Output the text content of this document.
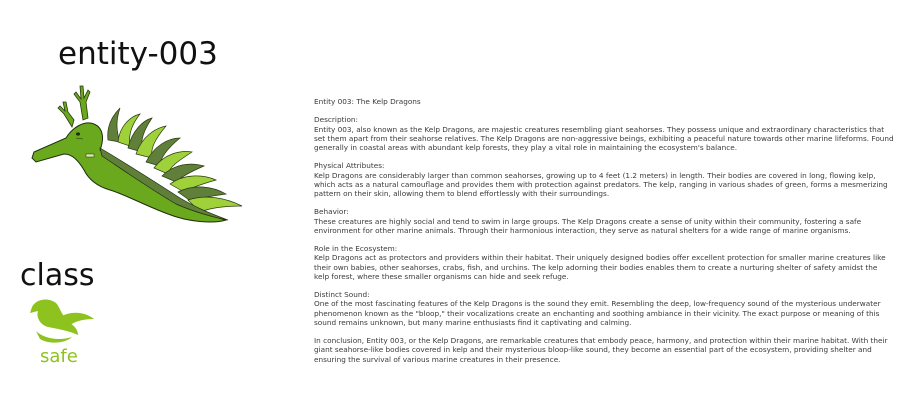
entity-003
class
safe

Entity 003: The Kelp Dragons

Description:
Entity 003, also known as the Kelp Dragons, are majestic creatures resembling giant seahorses. They possess unique and extraordinary characteristics that set them apart from their seahorse relatives. The Kelp Dragons are non-aggressive beings, exhibiting a peaceful nature towards other marine lifeforms. Found generally in coastal areas with abundant kelp forests, they play a vital role in maintaining the ecosystem's balance.

Physical Attributes:
Kelp Dragons are considerably larger than common seahorses, growing up to 4 feet (1.2 meters) in length. Their bodies are covered in long, flowing kelp, which acts as a natural camouflage and provides them with protection against predators. The kelp, ranging in various shades of green, forms a mesmerizing pattern on their skin, allowing them to blend effortlessly with their surroundings.

Behavior:
These creatures are highly social and tend to swim in large groups. The Kelp Dragons create a sense of unity within their community, fostering a safe environment for other marine animals. Through their harmonious interaction, they serve as natural shelters for a wide range of marine organisms.

Role in the Ecosystem:
Kelp Dragons act as protectors and providers within their habitat. Their uniquely designed bodies offer excellent protection for smaller marine creatures like their own babies, other seahorses, crabs, fish, and urchins. The kelp adorning their bodies enables them to create a nurturing shelter of safety amidst the kelp forest, where these smaller organisms can hide and seek refuge.

Distinct Sound:
One of the most fascinating features of the Kelp Dragons is the sound they emit. Resembling the deep, low-frequency sound of the mysterious underwater phenomenon known as the "bloop," their vocalizations create an enchanting and soothing ambiance in their vicinity. The exact purpose or meaning of this sound remains unknown, but many marine enthusiasts find it captivating and calming.

In conclusion, Entity 003, or the Kelp Dragons, are remarkable creatures that embody peace, harmony, and protection within their marine habitat. With their giant seahorse-like bodies covered in kelp and their mysterious bloop-like sound, they become an essential part of the ecosystem, providing shelter and ensuring the survival of various marine creatures in their presence.
